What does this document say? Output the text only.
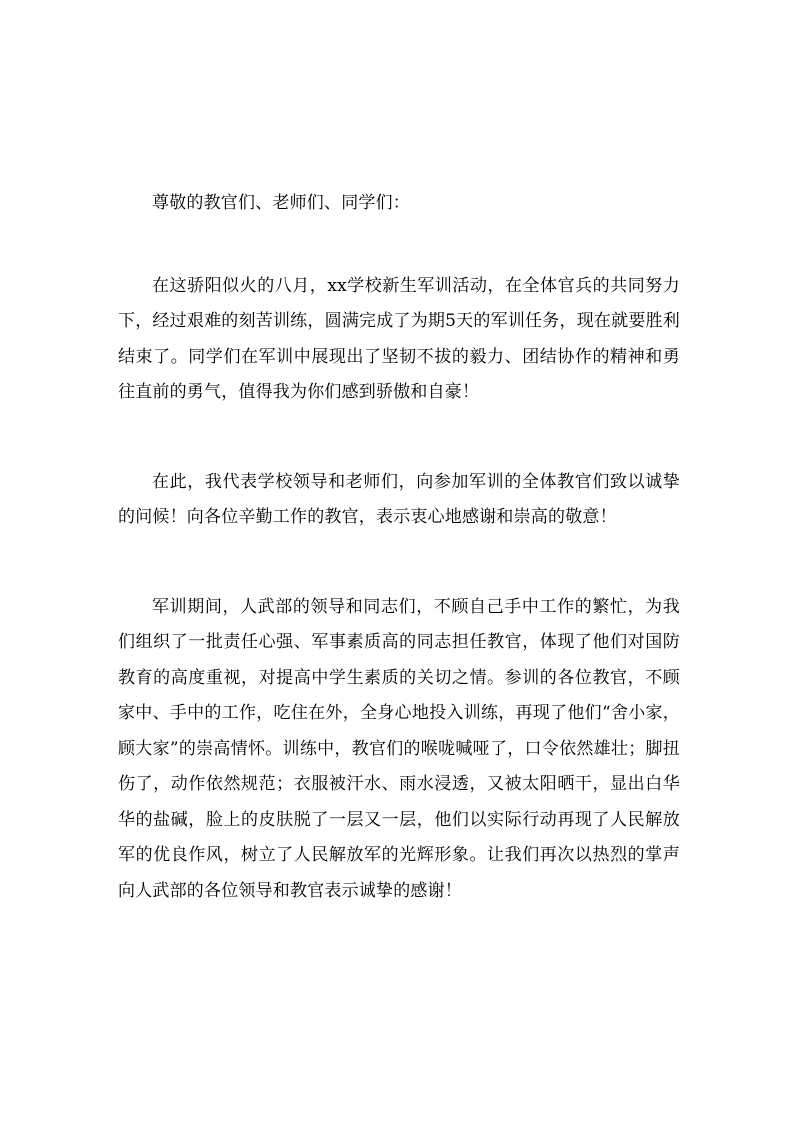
尊敬的教官们、老师们、同学们：

在这骄阳似火的八月，xx学校新生军训活动，在全体官兵的共同努力下，经过艰难的刻苦训练，圆满完成了为期5天的军训任务，现在就要胜利结束了。同学们在军训中展现出了坚韧不拔的毅力、团结协作的精神和勇往直前的勇气，值得我为你们感到骄傲和自豪！

在此，我代表学校领导和老师们，向参加军训的全体教官们致以诚挚的问候！向各位辛勤工作的教官，表示衷心地感谢和崇高的敬意！

军训期间，人武部的领导和同志们，不顾自己手中工作的繁忙，为我们组织了一批责任心强、军事素质高的同志担任教官，体现了他们对国防教育的高度重视，对提高中学生素质的关切之情。参训的各位教官，不顾家中、手中的工作，吃住在外，全身心地投入训练，再现了他们“舍小家，顾大家”的崇高情怀。训练中，教官们的喉咙喊哑了，口令依然雄壮；脚扭伤了，动作依然规范；衣服被汗水、雨水浸透，又被太阳晒干，显出白华华的盐碱，脸上的皮肤脱了一层又一层，他们以实际行动再现了人民解放军的优良作风，树立了人民解放军的光辉形象。让我们再次以热烈的掌声向人武部的各位领导和教官表示诚挚的感谢！
